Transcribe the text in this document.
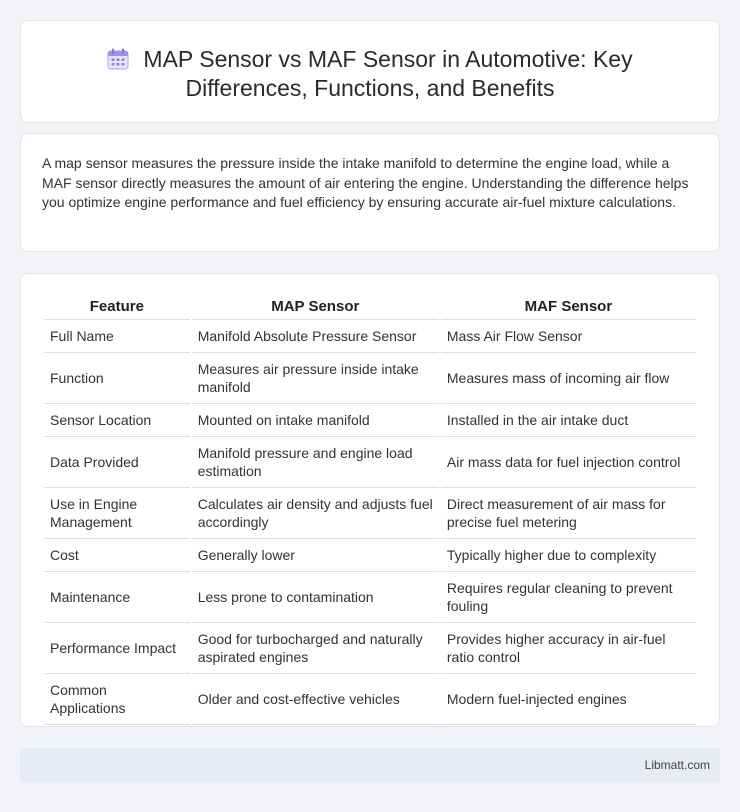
MAP Sensor vs MAF Sensor in Automotive: Key Differences, Functions, and Benefits

A map sensor measures the pressure inside the intake manifold to determine the engine load, while a MAF sensor directly measures the amount of air entering the engine. Understanding the difference helps you optimize engine performance and fuel efficiency by ensuring accurate air-fuel mixture calculations.

Feature	MAP Sensor	MAF Sensor
Full Name	Manifold Absolute Pressure Sensor	Mass Air Flow Sensor
Function	Measures air pressure inside intake manifold	Measures mass of incoming air flow
Sensor Location	Mounted on intake manifold	Installed in the air intake duct
Data Provided	Manifold pressure and engine load estimation	Air mass data for fuel injection control
Use in Engine Management	Calculates air density and adjusts fuel accordingly	Direct measurement of air mass for precise fuel metering
Cost	Generally lower	Typically higher due to complexity
Maintenance	Less prone to contamination	Requires regular cleaning to prevent fouling
Performance Impact	Good for turbocharged and naturally aspirated engines	Provides higher accuracy in air-fuel ratio control
Common Applications	Older and cost-effective vehicles	Modern fuel-injected engines
Libmatt.com
